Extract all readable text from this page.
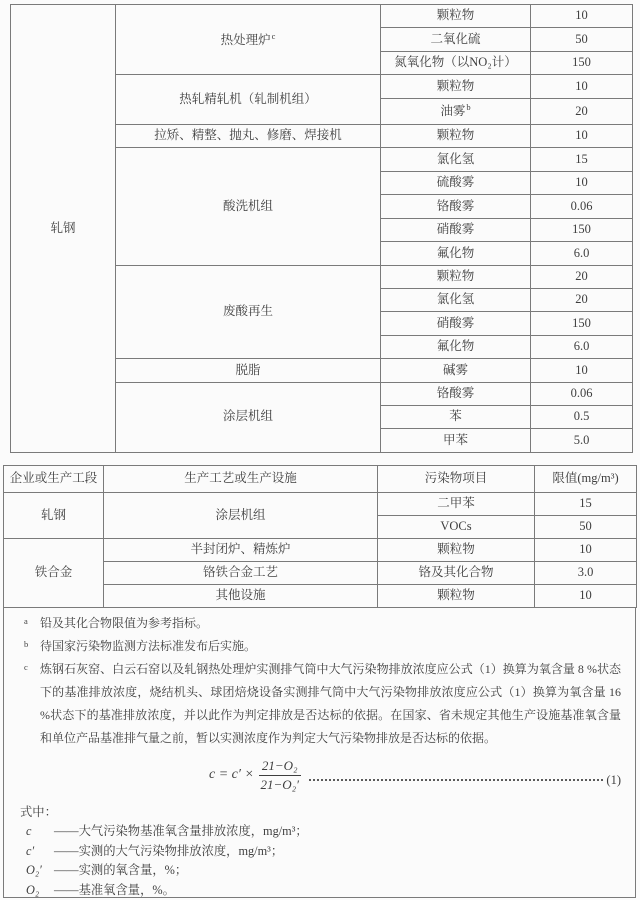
轧钢	热处理炉$^c$	颗粒物	10
		二氧化硫	50
		氮氧化物（以NO₂计）	150
	热轧精轧机（轧制机组）	颗粒物	10
		油雾$^b$	20
	拉矫、精整、抛丸、修磨、焊接机	颗粒物	10
	酸洗机组	氯化氢	15
		硫酸雾	10
		铬酸雾	0.06
		硝酸雾	150
		氟化物	6.0
	废酸再生	颗粒物	20
		氯化氢	20
		硝酸雾	150
		氟化物	6.0
	脱脂	碱雾	10
	涂层机组	铬酸雾	0.06
		苯	0.5
		甲苯	5.0
企业或生产工段	生产工艺或生产设施	污染物项目	限值(mg/m³)
轧钢	涂层机组	二甲苯	15
		VOCs	50
铁合金	半封闭炉、精炼炉	颗粒物	10
	铬铁合金工艺	铬及其化合物	3.0
	其他设施	颗粒物	10
a 铅及其化合物限值为参考指标。
b 待国家污染物监测方法标准发布后实施。
c 炼钢石灰窑、白云石窑以及轧钢热处理炉实测排气筒中大气污染物排放浓度应公式（1）换算为氧含量 8 %状态下的基准排放浓度，烧结机头、球团焙烧设备实测排气筒中大气污染物排放浓度应公式（1）换算为氧含量 16 %状态下的基准排放浓度，并以此作为判定排放是否达标的依据。在国家、省未规定其他生产设施基准氧含量和单位产品基准排气量之前，暂以实测浓度作为判定大气污染物排放是否达标的依据。
$c = c' \times \frac{\text{21−O₂}}{\text{21−O₂′}}$	(1)
式中：
c	——大气污染物基准氧含量排放浓度，mg/m³；
c′	——实测的大气污染物排放浓度，mg/m³；
O₂′ ——实测的氧含量，%；
O₂	——基准氧含量，%。
